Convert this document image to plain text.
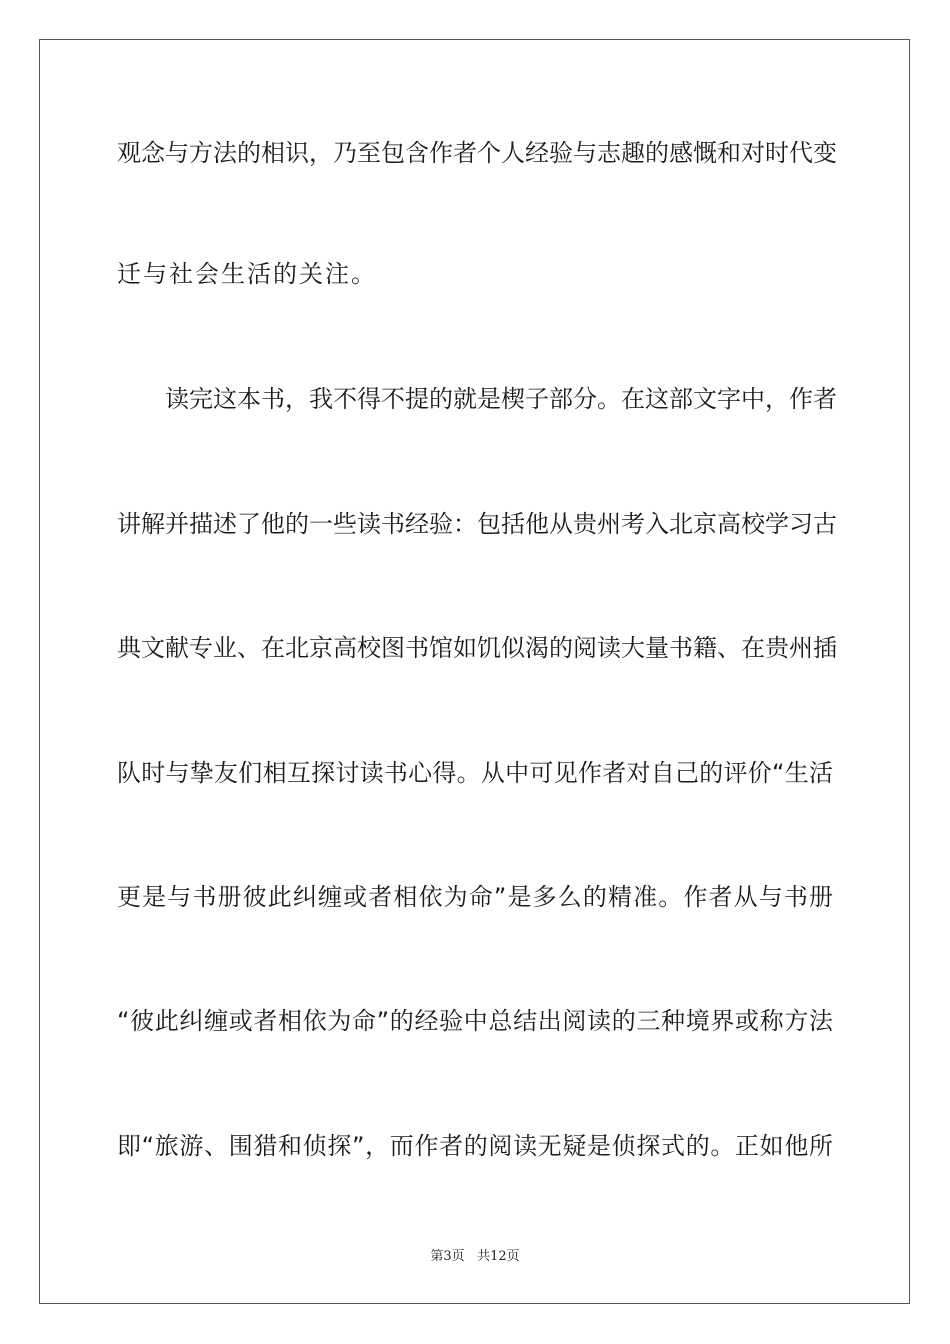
观念与方法的相识，乃至包含作者个人经验与志趣的感慨和对时代变
迁与社会生活的关注。
读完这本书，我不得不提的就是楔子部分。在这部文字中，作者
讲解并描述了他的一些读书经验：包括他从贵州考入北京高校学习古
典文献专业、在北京高校图书馆如饥似渴的阅读大量书籍、在贵州插
队时与挚友们相互探讨读书心得。从中可见作者对自己的评价“生活
更是与书册彼此纠缠或者相依为命”是多么的精准。作者从与书册
“彼此纠缠或者相依为命”的经验中总结出阅读的三种境界或称方法
即“旅游、围猎和侦探”，而作者的阅读无疑是侦探式的。正如他所
第3页 共12页
